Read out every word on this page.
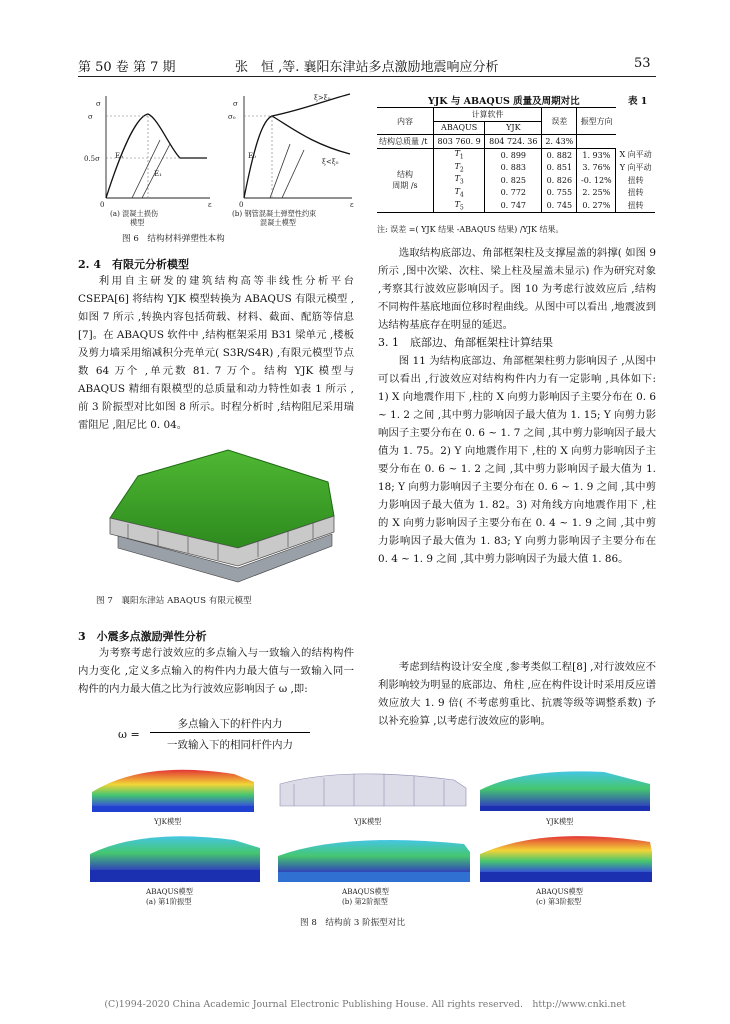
第 50 卷 第 7 期	张　恒 ,等. 襄阳东津站多点激励地震响应分析	53
σ
σ
0.5σ
0	ε
E₀
E₁
(a) 混凝土损伤
模型
σ
σ₀
0	ε
E₀
ξ>ξ₀
ξ<ξ₀
(b) 钢管混凝土弹塑性约束
混凝土模型
图 6　结构材料弹塑性本构
YJK 与 ABAQUS 质量及周期对比	表 1
内容	计算软件		误差	振型方向	
	ABAQUS	YJK			
结构总质量 /t	803 760. 9	804 724. 36	2. 43%		

结构
周期 /s	$T_1$	0. 899	0. 882	1. 93%	X 向平动
	$T_2$	0. 883	0. 851	3. 76%	Y 向平动
	$T_3$	0. 825	0. 826	-0. 12%	扭转
	$T_4$	0. 772	0. 755	2. 25%	扭转
	$T_5$	0. 747	0. 745	0. 27%	扭转
注: 误差 =( YJK 结果 -ABAQUS 结果) /YJK 结果。
2. 4　有限元分析模型
利用自主研发的建筑结构高等非线性分析平台 CSEPA[6] 将结构 YJK 模型转换为 ABAQUS 有限元模型 ,如图 7 所示 ,转换内容包括荷载、材料、截面、配筋等信息[7]。在 ABAQUS 软件中 ,结构框架采用 B31 梁单元 ,楼板及剪力墙采用缩减积分壳单元( S3R/S4R) ,有限元模型节点数 64 万个 ,单元数 81. 7 万个。结构 YJK 模型与 ABAQUS 精细有限模型的总质量和动力特性如表 1 所示 ,前 3 阶振型对比如图 8 所示。时程分析时 ,结构阻尼采用瑞雷阻尼 ,阻尼比 0. 04。
图 7　襄阳东津站 ABAQUS 有限元模型
3　小震多点激励弹性分析
为考察考虑行波效应的多点输入与一致输入的结构构件内力变化 ,定义多点输入的构件内力最大值与一致输入同一构件的内力最大值之比为行波效应影响因子 ω ,即:
ω =
多点输入下的杆件内力
一致输入下的相同杆件内力
选取结构底部边、角部框架柱及支撑屋盖的斜撑( 如图 9 所示 ,图中次梁、次柱、梁上柱及屋盖未显示) 作为研究对象 ,考察其行波效应影响因子。图 10 为考虑行波效应后 ,结构不同构件基底地面位移时程曲线。从图中可以看出 ,地震波到达结构基底存在明显的延迟。
3. 1　底部边、角部框架柱计算结果
图 11 为结构底部边、角部框架柱剪力影响因子 ,从图中可以看出 ,行波效应对结构构件内力有一定影响 ,具体如下: 1) X 向地震作用下 ,柱的 X 向剪力影响因子主要分布在 0. 6 ~ 1. 2 之间 ,其中剪力影响因子最大值为 1. 15; Y 向剪力影响因子主要分布在 0. 6 ~ 1. 7 之间 ,其中剪力影响因子最大值为 1. 75。2) Y 向地震作用下 ,柱的 X 向剪力影响因子主要分布在 0. 6 ~ 1. 2 之间 ,其中剪力影响因子最大值为 1. 18; Y 向剪力影响因子主要分布在 0. 6 ~ 1. 9 之间 ,其中剪力影响因子最大值为 1. 82。3) 对角线方向地震作用下 ,柱的 X 向剪力影响因子主要分布在 0. 4 ~ 1. 9 之间 ,其中剪力影响因子最大值为 1. 83; Y 向剪力影响因子主要分布在 0. 4 ~ 1. 9 之间 ,其中剪力影响因子为最大值 1. 86。
考虑到结构设计安全度 ,参考类似工程[8] ,对行波效应不利影响较为明显的底部边、角柱 ,应在构件设计时采用反应谱效应放大 1. 9 倍( 不考虑剪重比、抗震等级等调整系数) 予以补充验算 ,以考虑行波效应的影响。
YJK模型	YJK模型	YJK模型
ABAQUS模型
(a) 第1阶振型
ABAQUS模型
(b) 第2阶振型
ABAQUS模型
(c) 第3阶振型
图 8　结构前 3 阶振型对比
(C)1994-2020 China Academic Journal Electronic Publishing House. All rights reserved.　http://www.cnki.net
